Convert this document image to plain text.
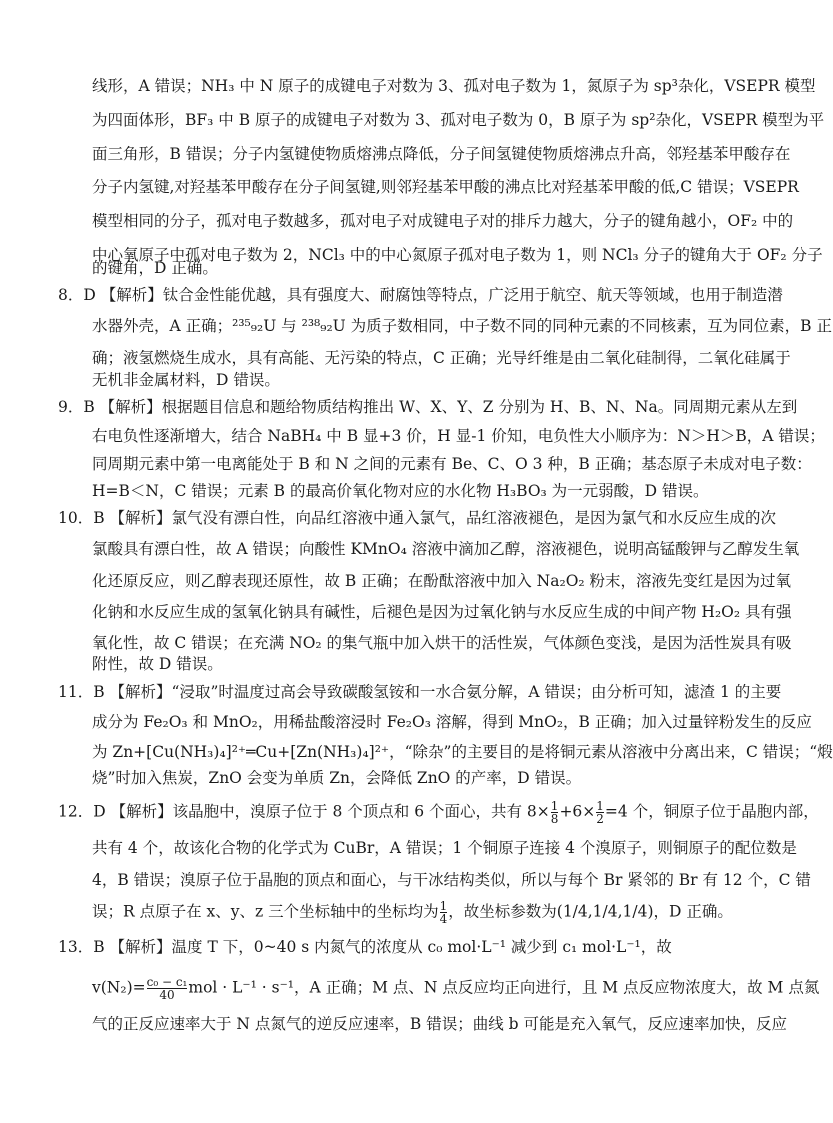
线形，A 错误；NH₃ 中 N 原子的成键电子对数为 3、孤对电子数为 1，氮原子为 sp³杂化，VSEPR 模型
为四面体形，BF₃ 中 B 原子的成键电子对数为 3、孤对电子数为 0，B 原子为 sp²杂化，VSEPR 模型为平
面三角形，B 错误；分子内氢键使物质熔沸点降低，分子间氢键使物质熔沸点升高，邻羟基苯甲酸存在
分子内氢键,对羟基苯甲酸存在分子间氢键,则邻羟基苯甲酸的沸点比对羟基苯甲酸的低,C 错误；VSEPR
模型相同的分子，孤对电子数越多，孤对电子对成键电子对的排斥力越大，分子的键角越小，OF₂ 中的
中心氧原子中孤对电子数为 2，NCl₃ 中的中心氮原子孤对电子数为 1，则 NCl₃ 分子的键角大于 OF₂ 分子
的键角，D 正确。
8．D 【解析】钛合金性能优越，具有强度大、耐腐蚀等特点，广泛用于航空、航天等领域，也用于制造潜
水器外壳，A 正确；²³⁵₉₂U 与 ²³⁸₉₂U 为质子数相同，中子数不同的同种元素的不同核素，互为同位素，B 正
确；液氢燃烧生成水，具有高能、无污染的特点，C 正确；光导纤维是由二氧化硅制得，二氧化硅属于
无机非金属材料，D 错误。
9．B 【解析】根据题目信息和题给物质结构推出 W、X、Y、Z 分别为 H、B、N、Na。同周期元素从左到
右电负性逐渐增大，结合 NaBH₄ 中 B 显+3 价，H 显-1 价知，电负性大小顺序为：N＞H＞B，A 错误；
同周期元素中第一电离能处于 B 和 N 之间的元素有 Be、C、O 3 种，B 正确；基态原子未成对电子数：
H=B＜N，C 错误；元素 B 的最高价氧化物对应的水化物 H₃BO₃ 为一元弱酸，D 错误。
10．B 【解析】氯气没有漂白性，向品红溶液中通入氯气，品红溶液褪色，是因为氯气和水反应生成的次
氯酸具有漂白性，故 A 错误；向酸性 KMnO₄ 溶液中滴加乙醇，溶液褪色，说明高锰酸钾与乙醇发生氧
化还原反应，则乙醇表现还原性，故 B 正确；在酚酞溶液中加入 Na₂O₂ 粉末，溶液先变红是因为过氧
化钠和水反应生成的氢氧化钠具有碱性，后褪色是因为过氧化钠与水反应生成的中间产物 H₂O₂ 具有强
氧化性，故 C 错误；在充满 NO₂ 的集气瓶中加入烘干的活性炭，气体颜色变浅，是因为活性炭具有吸
附性，故 D 错误。
11．B 【解析】“浸取”时温度过高会导致碳酸氢铵和一水合氨分解，A 错误；由分析可知，滤渣 1 的主要
成分为 Fe₂O₃ 和 MnO₂，用稀盐酸溶浸时 Fe₂O₃ 溶解，得到 MnO₂，B 正确；加入过量锌粉发生的反应
为 Zn+[Cu(NH₃)₄]²⁺═Cu+[Zn(NH₃)₄]²⁺，“除杂”的主要目的是将铜元素从溶液中分离出来，C 错误；“煅
烧”时加入焦炭，ZnO 会变为单质 Zn，会降低 ZnO 的产率，D 错误。
12．D 【解析】该晶胞中，溴原子位于 8 个顶点和 6 个面心，共有 $8\times \frac{1}{8} +6\times \frac{1}{2} =4$ 个，铜原子位于晶胞内部，
共有 4 个，故该化合物的化学式为 CuBr，A 错误；1 个铜原子连接 4 个溴原子，则铜原子的配位数是
4，B 错误；溴原子位于晶胞的顶点和面心，与干冰结构类似，所以与每个 Br 紧邻的 Br 有 12 个，C 错
误；R 点原子在 x、y、z 三个坐标轴中的坐标均为 $\frac{1}{4}$ ，故坐标参数为(1/4,1/4,1/4)，D 正确。
13．B 【解析】温度 T 下，0~40 s 内氮气的浓度从 c₀ mol·L⁻¹ 减少到 c₁ mol·L⁻¹，故
$v(N_2)= \frac{\text{c₀ − c₁}}{40}$ mol · L⁻¹ · s⁻¹，A 正确；M 点、N 点反应均正向进行，且 M 点反应物浓度大，故 M 点氮
气的正反应速率大于 N 点氮气的逆反应速率，B 错误；曲线 b 可能是充入氧气，反应速率加快，反应
